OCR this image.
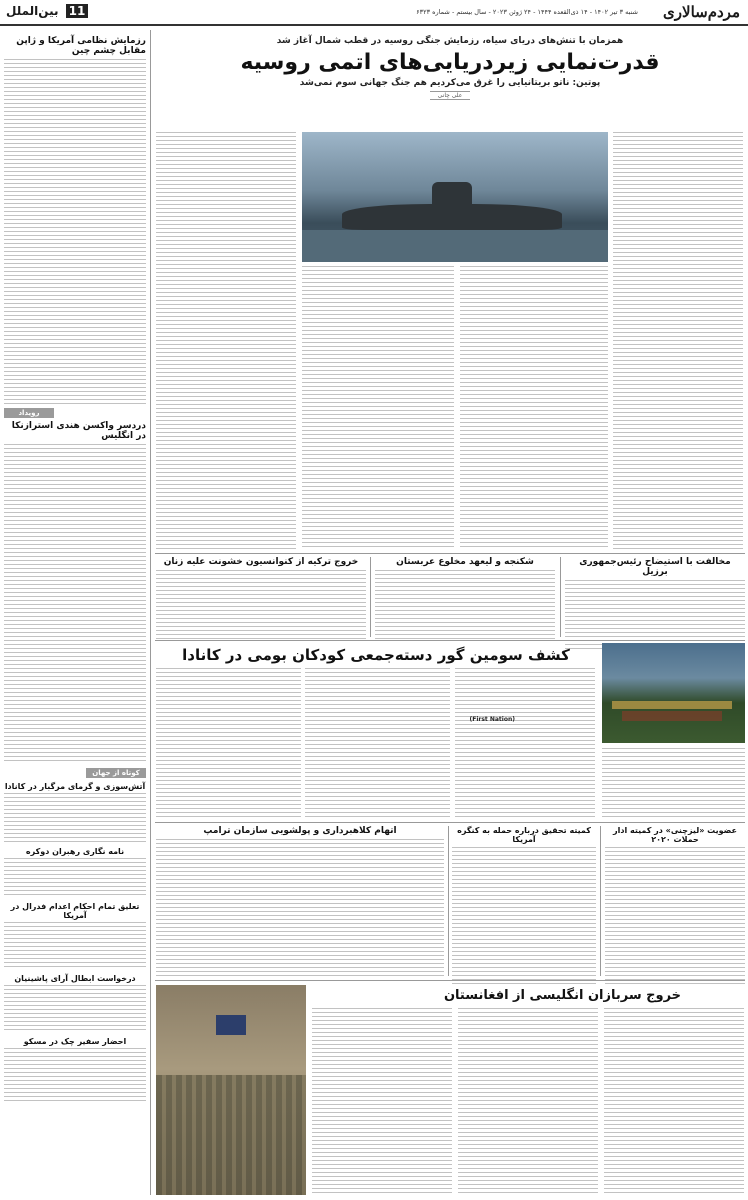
مردم‌سالاری
شنبه ۳ تیر ۱۴۰۲ - ۱۴ ذی‌القعده ۱۴۴۴ - ۲۴ ژوئن ۲۰۲۳ - سال بیستم - شماره ۶۳۲۳
11 بین‌الملل
رزمایش نظامی آمریکا و ژاپن مقابل چشم چین
رویداد
دردسر واکسن هندی استرازنکا در انگلیس
کوتاه از جهان
آتش‌سوزی و گرمای مرگبار در کانادا
نامه نگاری رهبران دوکره
تعلیق تمام احکام اعدام فدرال در آمریکا
درخواست ابطال آرای پاشینیان
احضار سفیر چک در مسکو
همزمان با تنش‌های دریای سیاه، رزمایش جنگی روسیه در قطب شمال آغاز شد
قدرت‌نمایی زیردریایی‌های اتمی روسیه
پوتین: ناتو بریتانیایی را غرق می‌کردیم هم جنگ جهانی سوم نمی‌شد
علی چانی
مخالفت با استیضاح رئیس‌جمهوری برزیل
شکنجه و لیعهد مخلوع عربستان
خروج ترکیه از کنوانسیون خشونت علیه زنان
کشف سومین گور دسته‌جمعی کودکان بومی در کانادا
(First Nation)
عضویت «لیزچنی» در کمیته ادار حملات ۲۰۲۰
کمیته تحقیق درباره حمله به کنگره آمریکا
اتهام کلاهبرداری و پولشویی سازمان ترامپ
خروج سربازان انگلیسی از افغانستان
